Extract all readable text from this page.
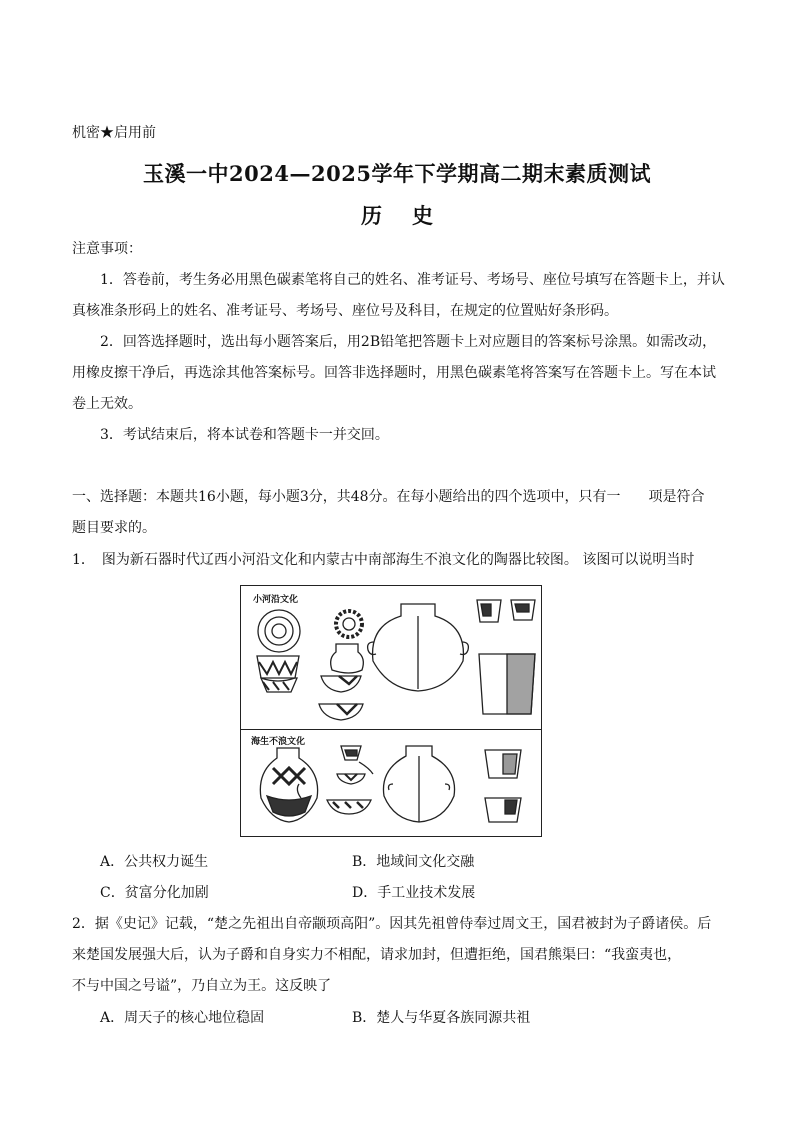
机密★启用前
玉溪一中2024—2025学年下学期高二期末素质测试
历史
注意事项：
1．答卷前，考生务必用黑色碳素笔将自己的姓名、准考证号、考场号、座位号填写在答题卡上，并认
真核准条形码上的姓名、准考证号、考场号、座位号及科目，在规定的位置贴好条形码。
2．回答选择题时，选出每小题答案后，用2B铅笔把答题卡上对应题目的答案标号涂黑。如需改动，
用橡皮擦干净后，再选涂其他答案标号。回答非选择题时，用黑色碳素笔将答案写在答题卡上。写在本试
卷上无效。
3．考试结束后，将本试卷和答题卡一并交回。
一、选择题：本题共16小题，每小题3分，共48分。在每小题给出的四个选项中，只有一　　项是符合
题目要求的。
1．　图为新石器时代辽西小河沿文化和内蒙古中南部海生不浪文化的陶器比较图。 该图可以说明当时
小河沿文化
海生不浪文化
A．公共权力诞生	B．地域间文化交融
C．贫富分化加剧	D．手工业技术发展
2．据《史记》记载，“楚之先祖出自帝颛顼高阳”。因其先祖曾侍奉过周文王，国君被封为子爵诸侯。后
来楚国发展强大后，认为子爵和自身实力不相配，请求加封，但遭拒绝，国君熊渠曰：“我蛮夷也，
不与中国之号谥”，乃自立为王。这反映了
A．周天子的核心地位稳固	B．楚人与华夏各族同源共祖
